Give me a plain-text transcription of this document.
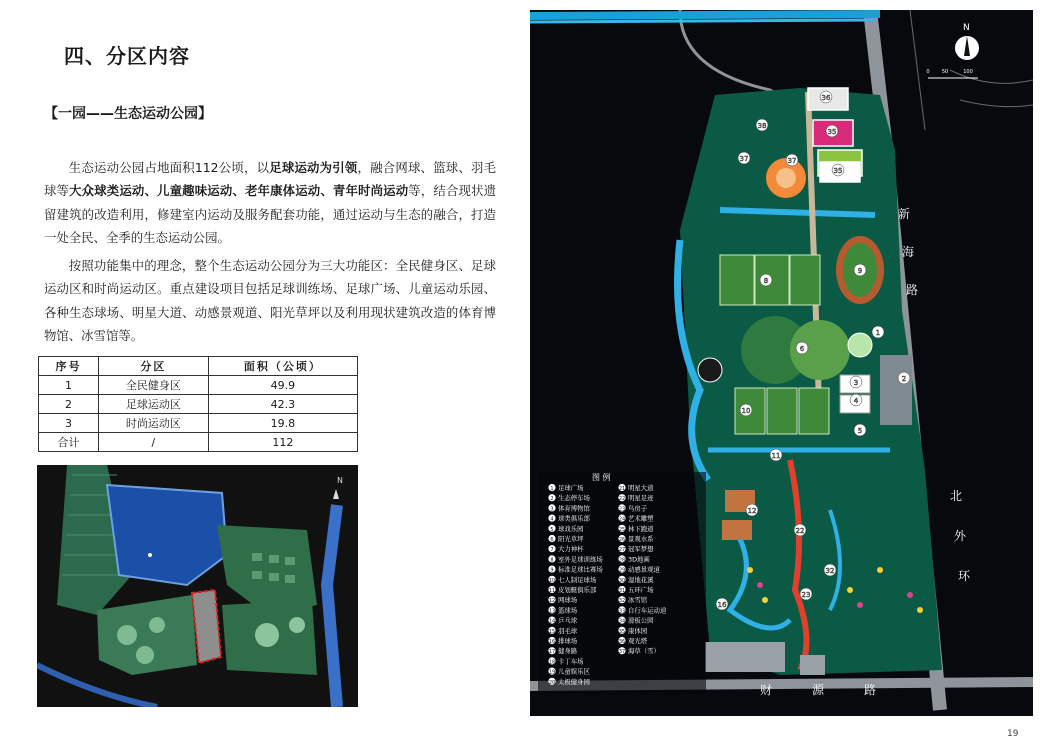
四、分区内容
【一园——生态运动公园】
生态运动公园占地面积112公顷，以足球运动为引领，融合网球、篮球、羽毛球等大众球类运动、儿童趣味运动、老年康体运动、青年时尚运动等，结合现状遗留建筑的改造利用，修建室内运动及服务配套功能，通过运动与生态的融合，打造一处全民、全季的生态运动公园。
按照功能集中的理念，整个生态运动公园分为三大功能区：全民健身区、足球运动区和时尚运动区。重点建设项目包括足球训练场、足球广场、儿童运动乐园、各种生态球场、明星大道、动感景观道、阳光草坪以及利用现状建筑改造的体育博物馆、冰雪馆等。
序号	分区	面积（公顷）
1	全民健身区	49.9
2	足球运动区	42.3
3	时尚运动区	19.8
合计	/	112
N
36
35
35
38
37	37
8
9
6
1
2
3
4
5
10
11
12
16
22
23
32
新
海
路
北
外
环
财	源	路
N
0 50	100
图 例
1 足球广场
2 生态停车场
3 体育博物馆
4 球类俱乐部
5 球戏乐园
6 阳光草坪
7 大力神杯
8 室外足球训练场
9 标准足球比赛场
10 七人制足球场
11 皮划艇俱乐部
12 网球场
13 篮球场
14 乒乓球
15 羽毛球
16 排球场
17 健身路
18 卡丁车场
19 儿童娱乐区
20 太极健身园
21 明星大道
22 明星足迹
23 鸟房子
24 艺术雕塑
25 林下跑道
26 景观水系
27 冠军梦想
28 3D地画
29 动感景观道
30 湿地花溪
31 五环广场
32 冰雪馆
33 自行车运动道
34 滑板公园
35 康体园
36 观光塔
37 海草（雪）
19
